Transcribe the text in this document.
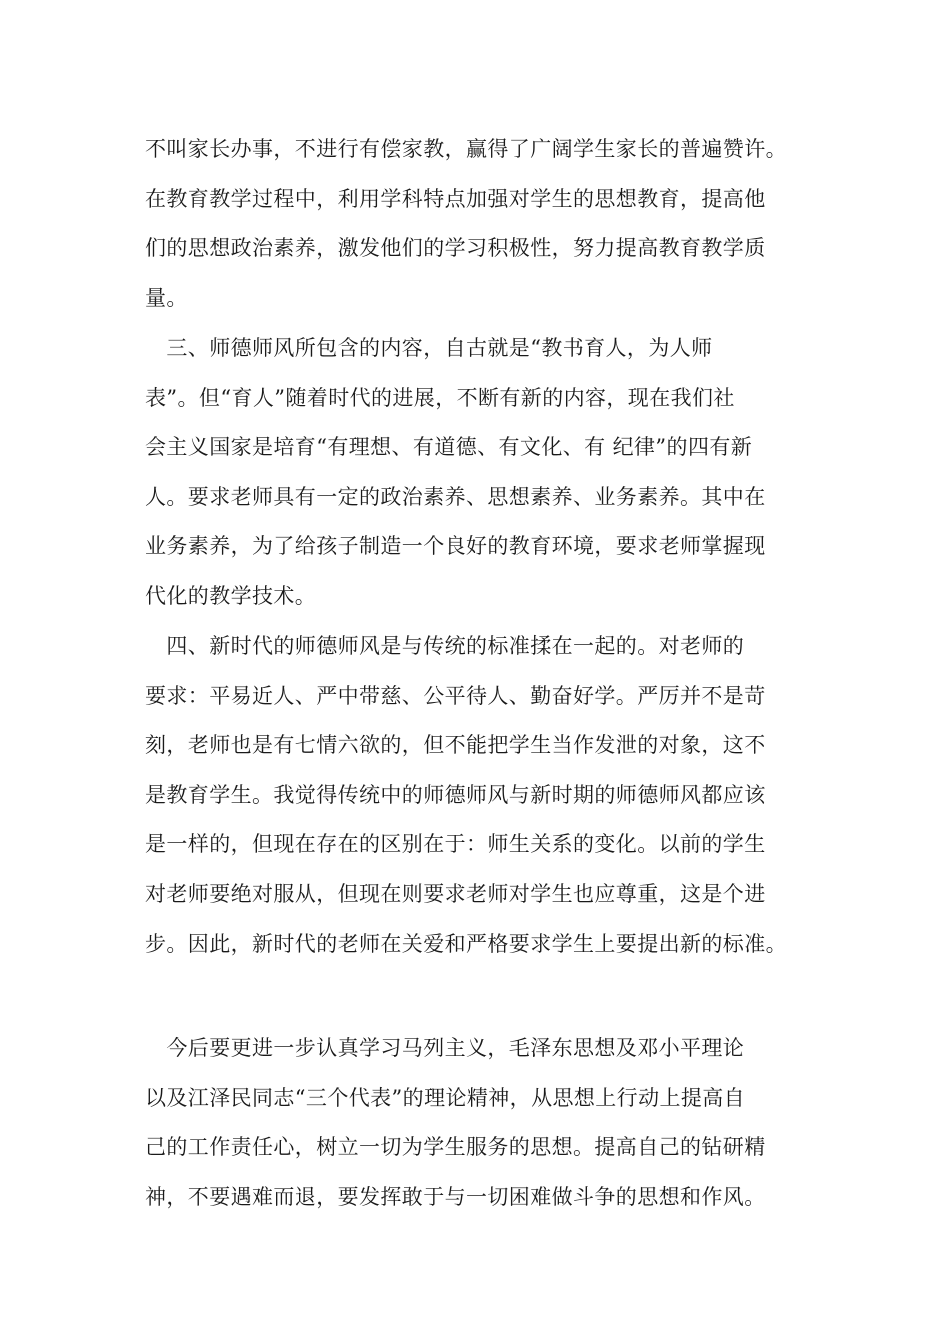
不叫家长办事，不进行有偿家教，赢得了广阔学生家长的普遍赞许。
在教育教学过程中，利用学科特点加强对学生的思想教育，提高他
们的思想政治素养，激发他们的学习积极性，努力提高教育教学质
量。

　三、师德师风所包含的内容，自古就是“教书育人，为人师
表”。但“育人”随着时代的进展，不断有新的内容，现在我们社
会主义国家是培育“有理想、有道德、有文化、有 纪律”的四有新
人。要求老师具有一定的政治素养、思想素养、业务素养。其中在
业务素养，为了给孩子制造一个良好的教育环境，要求老师掌握现
代化的教学技术。

　四、新时代的师德师风是与传统的标准揉在一起的。对老师的
要求：平易近人、严中带慈、公平待人、勤奋好学。严厉并不是苛
刻，老师也是有七情六欲的，但不能把学生当作发泄的对象，这不
是教育学生。我觉得传统中的师德师风与新时期的师德师风都应该
是一样的，但现在存在的区别在于：师生关系的变化。以前的学生
对老师要绝对服从，但现在则要求老师对学生也应尊重，这是个进
步。因此，新时代的老师在关爱和严格要求学生上要提出新的标准。

　今后要更进一步认真学习马列主义，毛泽东思想及邓小平理论
以及江泽民同志“三个代表”的理论精神，从思想上行动上提高自
己的工作责任心，树立一切为学生服务的思想。提高自己的钻研精
神，不要遇难而退，要发挥敢于与一切困难做斗争的思想和作风。
